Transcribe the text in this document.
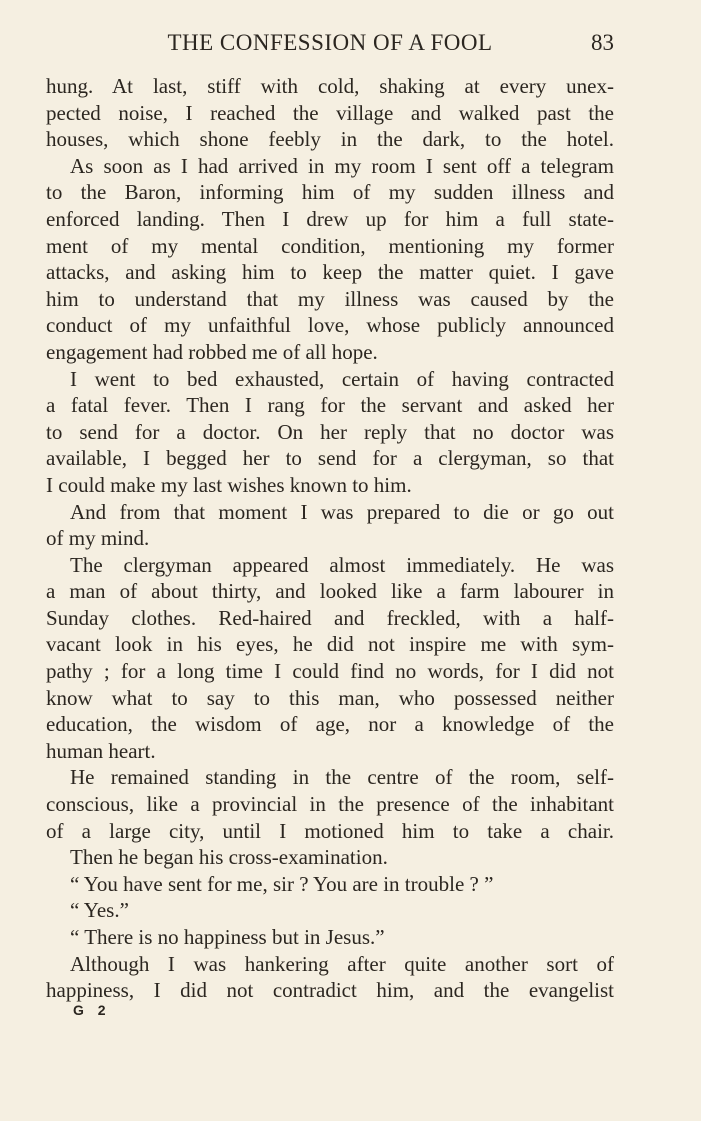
THE CONFESSION OF A FOOL	83
hung. At last, stiff with cold, shaking at every unex-
pected noise, I reached the village and walked past the
houses, which shone feebly in the dark, to the hotel.
As soon as I had arrived in my room I sent off a telegram
to the Baron, informing him of my sudden illness and
enforced landing. Then I drew up for him a full state-
ment of my mental condition, mentioning my former
attacks, and asking him to keep the matter quiet. I gave
him to understand that my illness was caused by the
conduct of my unfaithful love, whose publicly announced
engagement had robbed me of all hope.
I went to bed exhausted, certain of having contracted
a fatal fever. Then I rang for the servant and asked her
to send for a doctor. On her reply that no doctor was
available, I begged her to send for a clergyman, so that
I could make my last wishes known to him.
And from that moment I was prepared to die or go out
of my mind.
The clergyman appeared almost immediately. He was
a man of about thirty, and looked like a farm labourer in
Sunday clothes. Red-haired and freckled, with a half-
vacant look in his eyes, he did not inspire me with sym-
pathy ; for a long time I could find no words, for I did not
know what to say to this man, who possessed neither
education, the wisdom of age, nor a knowledge of the
human heart.
He remained standing in the centre of the room, self-
conscious, like a provincial in the presence of the inhabitant
of a large city, until I motioned him to take a chair.
Then he began his cross-examination.
“ You have sent for me, sir ? You are in trouble ? ”
“ Yes.”
“ There is no happiness but in Jesus.”
Although I was hankering after quite another sort of
happiness, I did not contradict him, and the evangelist
G 2
